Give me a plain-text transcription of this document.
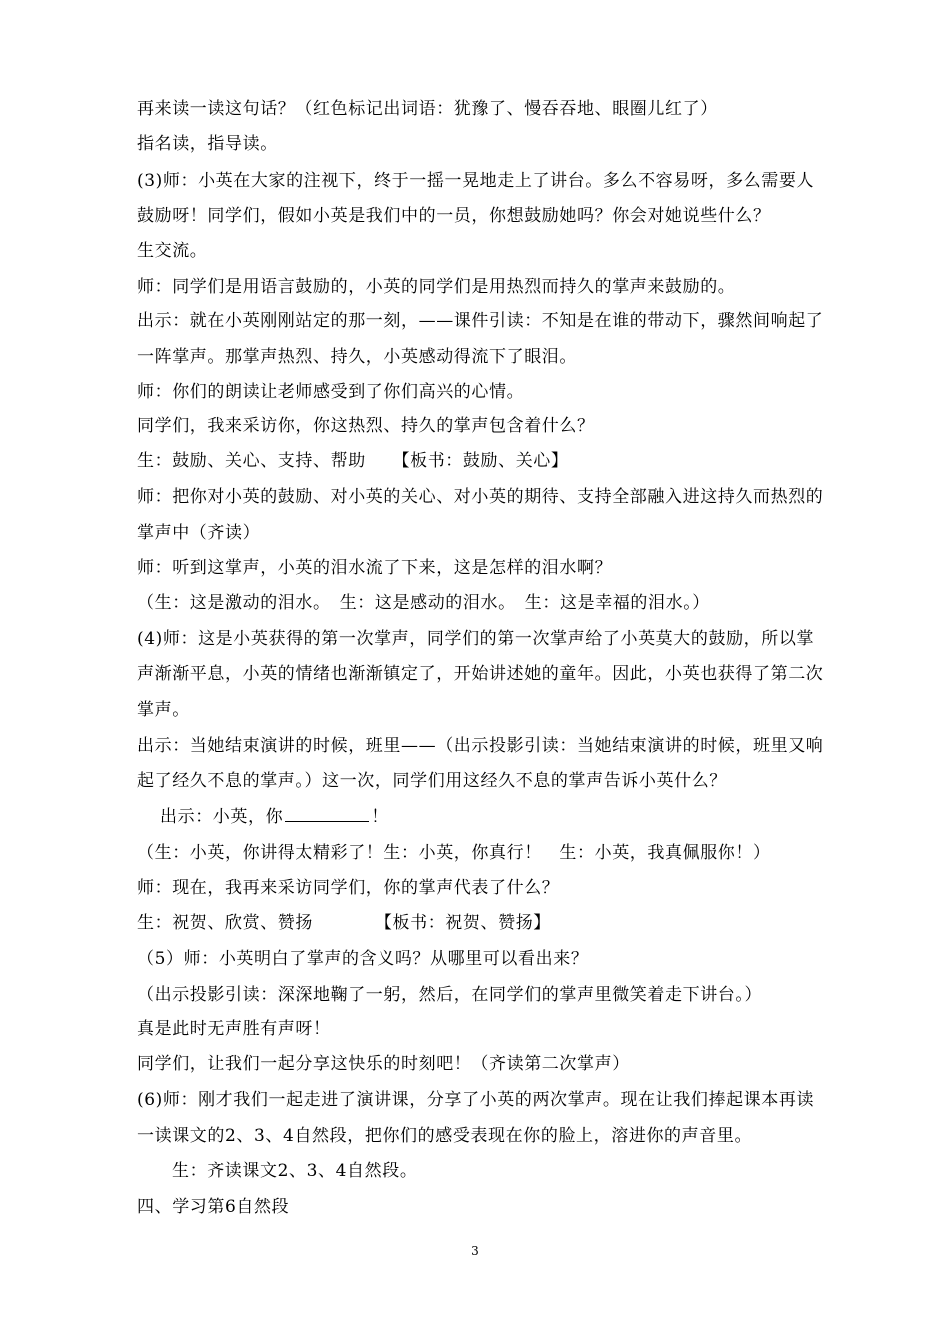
再来读一读这句话？（红色标记出词语：犹豫了、慢吞吞地、眼圈儿红了）
指名读，指导读。
(3)师：小英在大家的注视下，终于一摇一晃地走上了讲台。多么不容易呀，多么需要人
鼓励呀！同学们，假如小英是我们中的一员，你想鼓励她吗？你会对她说些什么？
生交流。
师：同学们是用语言鼓励的，小英的同学们是用热烈而持久的掌声来鼓励的。
出示：就在小英刚刚站定的那一刻，——课件引读：不知是在谁的带动下，骤然间响起了
一阵掌声。那掌声热烈、持久，小英感动得流下了眼泪。
师：你们的朗读让老师感受到了你们高兴的心情。
同学们，我来采访你，你这热烈、持久的掌声包含着什么？
生：鼓励、关心、支持、帮助　　【板书：鼓励、关心】
师：把你对小英的鼓励、对小英的关心、对小英的期待、支持全部融入进这持久而热烈的
掌声中（齐读）
师：听到这掌声，小英的泪水流了下来，这是怎样的泪水啊？
（生：这是激动的泪水。　生：这是感动的泪水。　生：这是幸福的泪水。）
(4)师：这是小英获得的第一次掌声，同学们的第一次掌声给了小英莫大的鼓励，所以掌
声渐渐平息，小英的情绪也渐渐镇定了，开始讲述她的童年。因此，小英也获得了第二次
掌声。
出示：当她结束演讲的时候，班里——（出示投影引读：当她结束演讲的时候，班里又响
起了经久不息的掌声。）这一次，同学们用这经久不息的掌声告诉小英什么？
出示：小英，你	！
（生：小英，你讲得太精彩了！生：小英，你真行！　生：小英，我真佩服你！）
师：现在，我再来采访同学们，你的掌声代表了什么？
生：祝贺、欣赏、赞扬　　　　【板书：祝贺、赞扬】
（5）师：小英明白了掌声的含义吗？从哪里可以看出来？
（出示投影引读：深深地鞠了一躬，然后，在同学们的掌声里微笑着走下讲台。）
真是此时无声胜有声呀！
同学们，让我们一起分享这快乐的时刻吧！（齐读第二次掌声）
(6)师：刚才我们一起走进了演讲课，分享了小英的两次掌声。现在让我们捧起课本再读
一读课文的2、3、4自然段，把你们的感受表现在你的脸上，溶进你的声音里。
生：齐读课文2、3、4自然段。
四、学习第6自然段
3
